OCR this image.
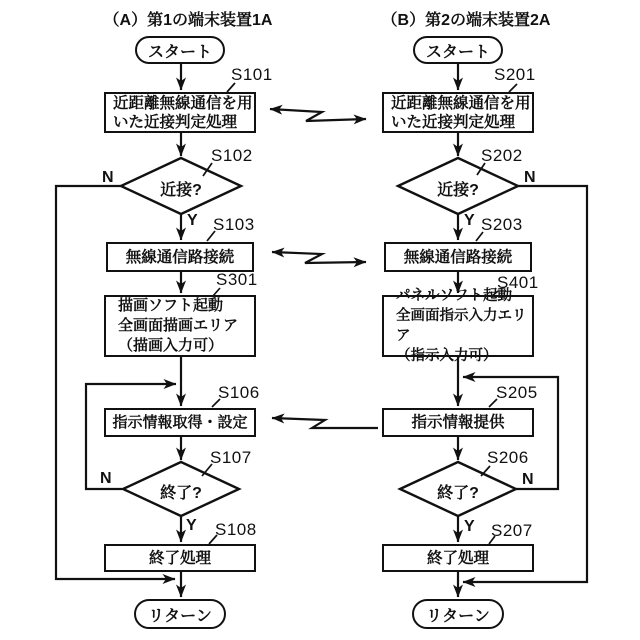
（A）第1の端末装置1A	（B）第2の端末装置2A
スタート
近距離無線通信を用
いた近接判定処理
近接?
無線通信路接続
描画ソフト起動
全画面描画エリア
（描画入力可）
指示情報取得・設定
終了?
終了処理
リターン
S101
S102
S103
S301
S106
S107
S108
N
Y
N
Y
スタート
近距離無線通信を用
いた近接判定処理
近接?
無線通信路接続
パネルソフト起動
全画面指示入力エリア
（指示入力可）
指示情報提供
終了?
終了処理
リターン
S201
S202
S203
S401
S205
S206
S207
N
Y
N
Y
